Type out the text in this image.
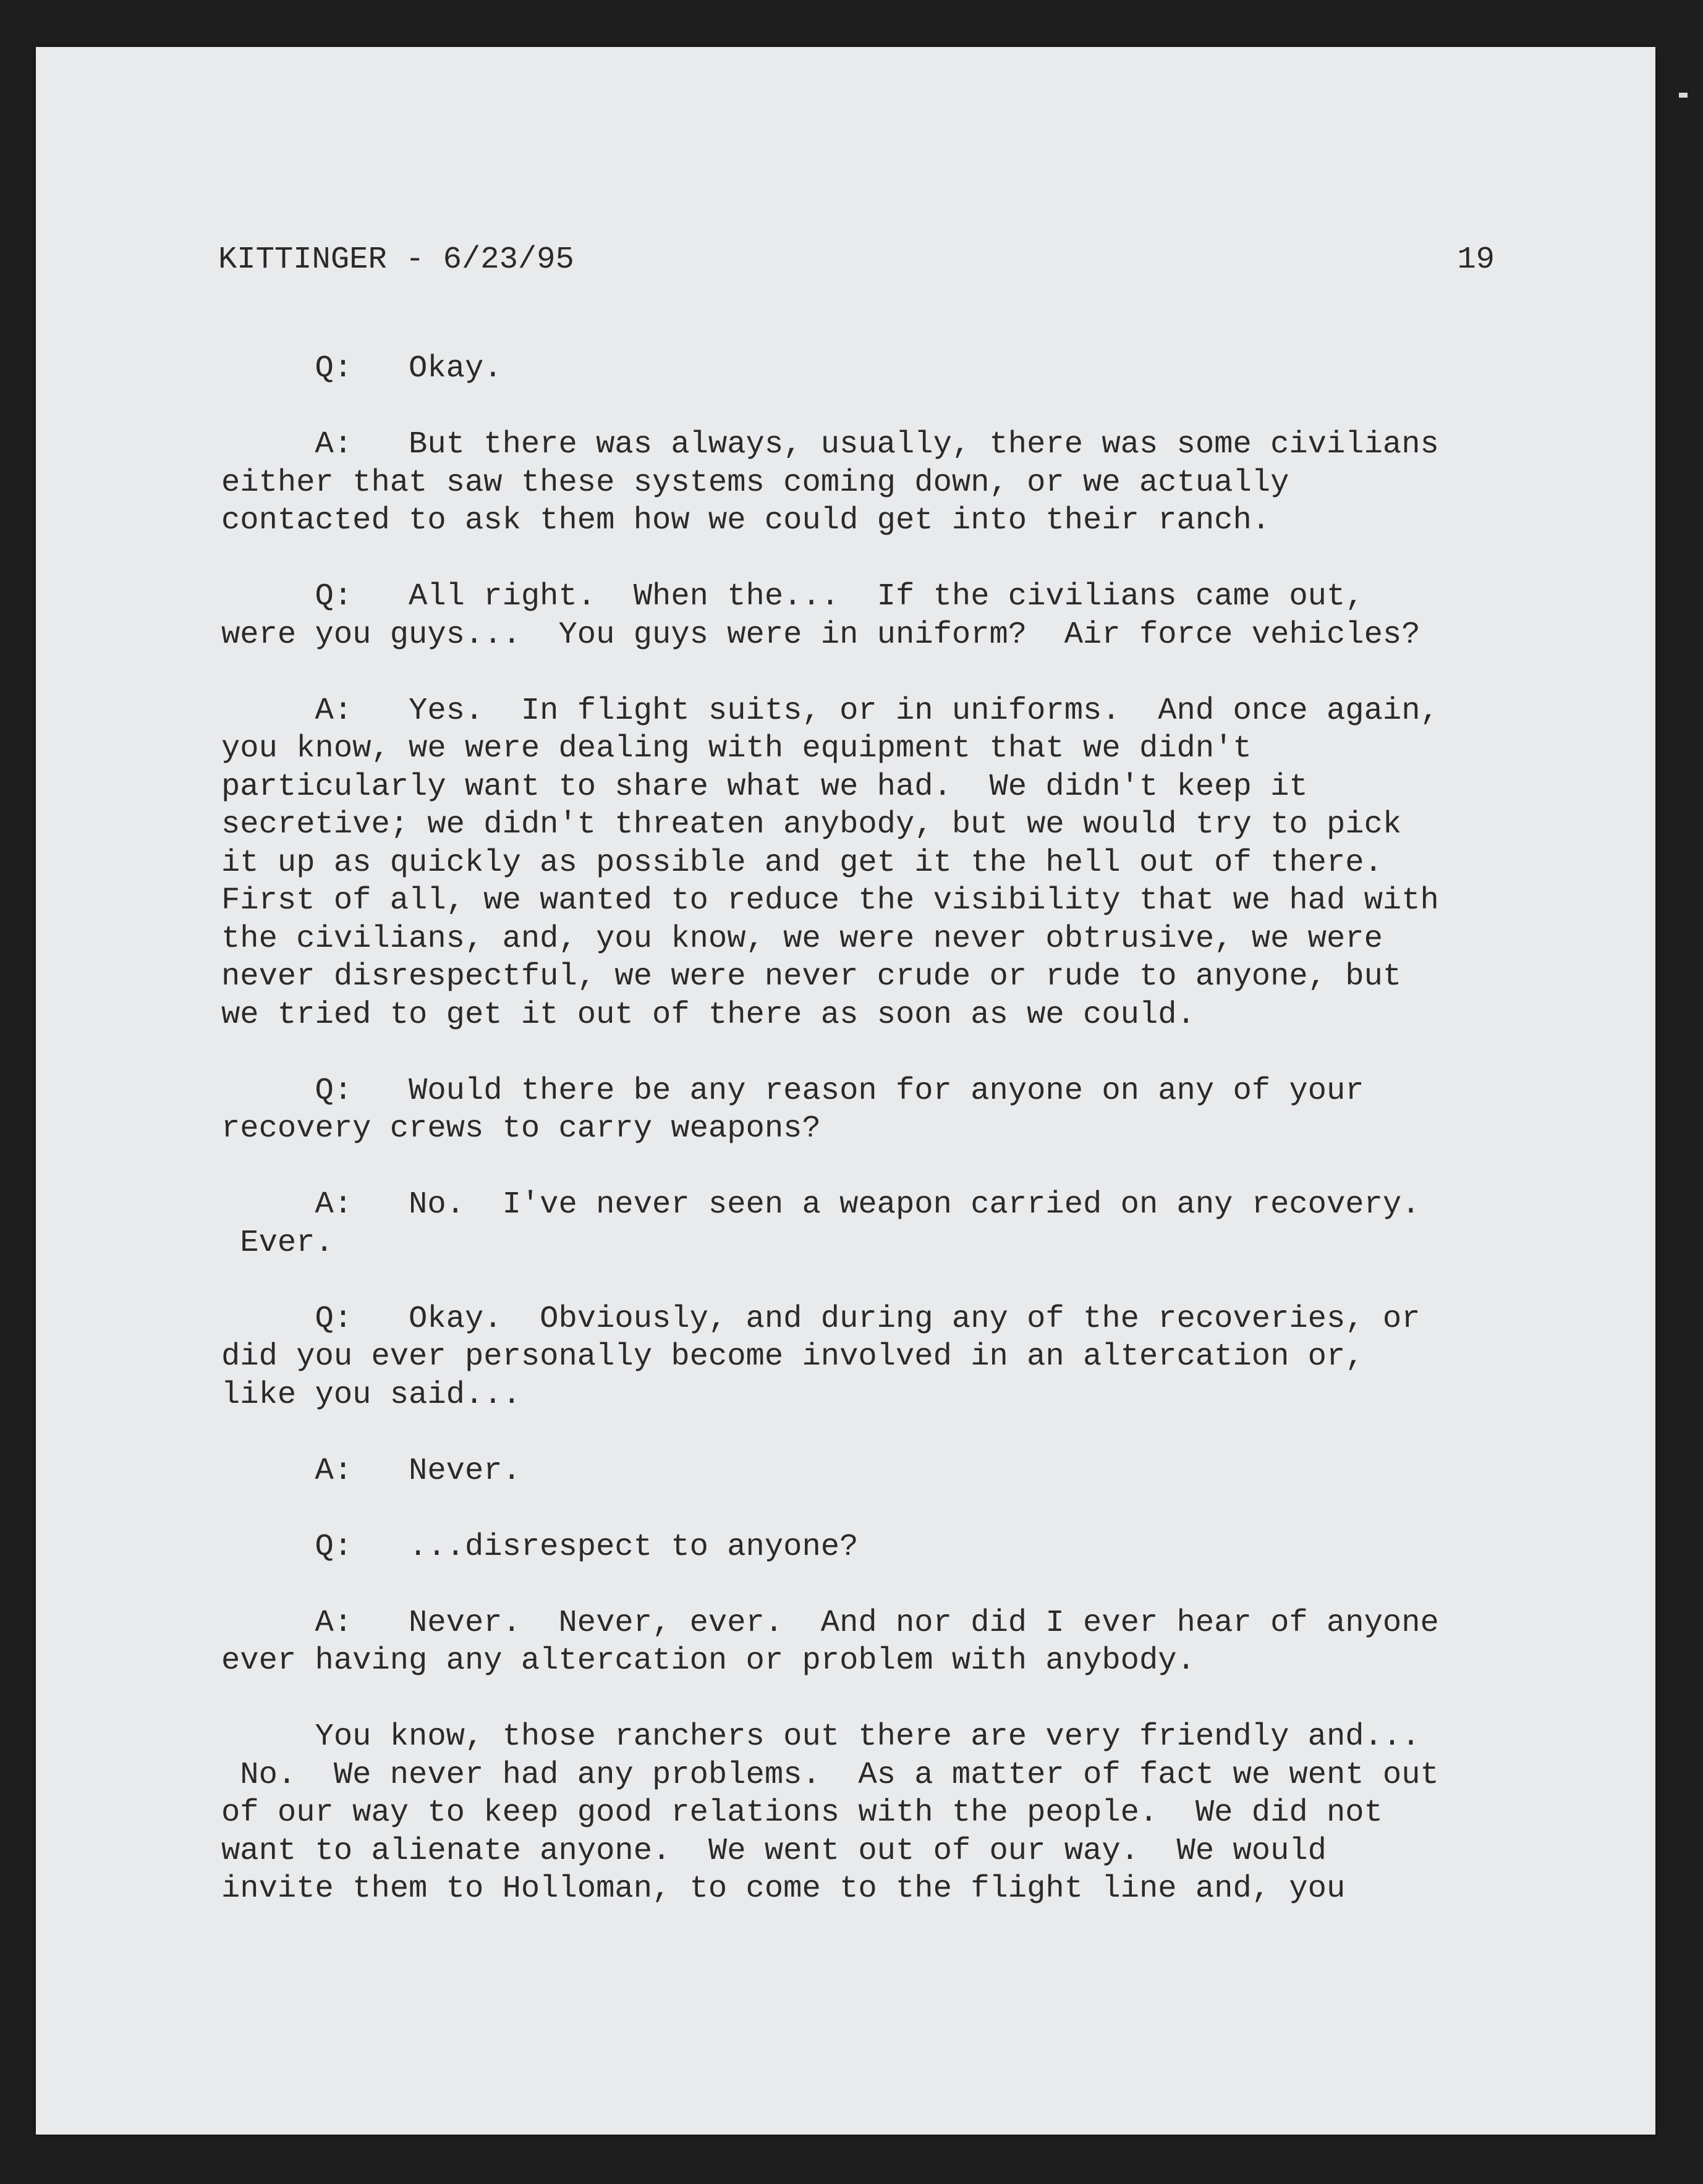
KITTINGER - 6/23/95	19
Q:   Okay.
A:   But there was always, usually, there was some civilians
either that saw these systems coming down, or we actually
contacted to ask them how we could get into their ranch.
Q:   All right.  When the...  If the civilians came out,
were you guys...  You guys were in uniform?  Air force vehicles?
A:   Yes.  In flight suits, or in uniforms.  And once again,
you know, we were dealing with equipment that we didn't
particularly want to share what we had.  We didn't keep it
secretive; we didn't threaten anybody, but we would try to pick
it up as quickly as possible and get it the hell out of there.
First of all, we wanted to reduce the visibility that we had with
the civilians, and, you know, we were never obtrusive, we were
never disrespectful, we were never crude or rude to anyone, but
we tried to get it out of there as soon as we could.
Q:   Would there be any reason for anyone on any of your
recovery crews to carry weapons?
A:   No.  I've never seen a weapon carried on any recovery.
Ever.
Q:   Okay.  Obviously, and during any of the recoveries, or
did you ever personally become involved in an altercation or,
like you said...
A:   Never.
Q:   ...disrespect to anyone?
A:   Never.  Never, ever.  And nor did I ever hear of anyone
ever having any altercation or problem with anybody.
You know, those ranchers out there are very friendly and...
No.  We never had any problems.  As a matter of fact we went out
of our way to keep good relations with the people.  We did not
want to alienate anyone.  We went out of our way.  We would
invite them to Holloman, to come to the flight line and, you
